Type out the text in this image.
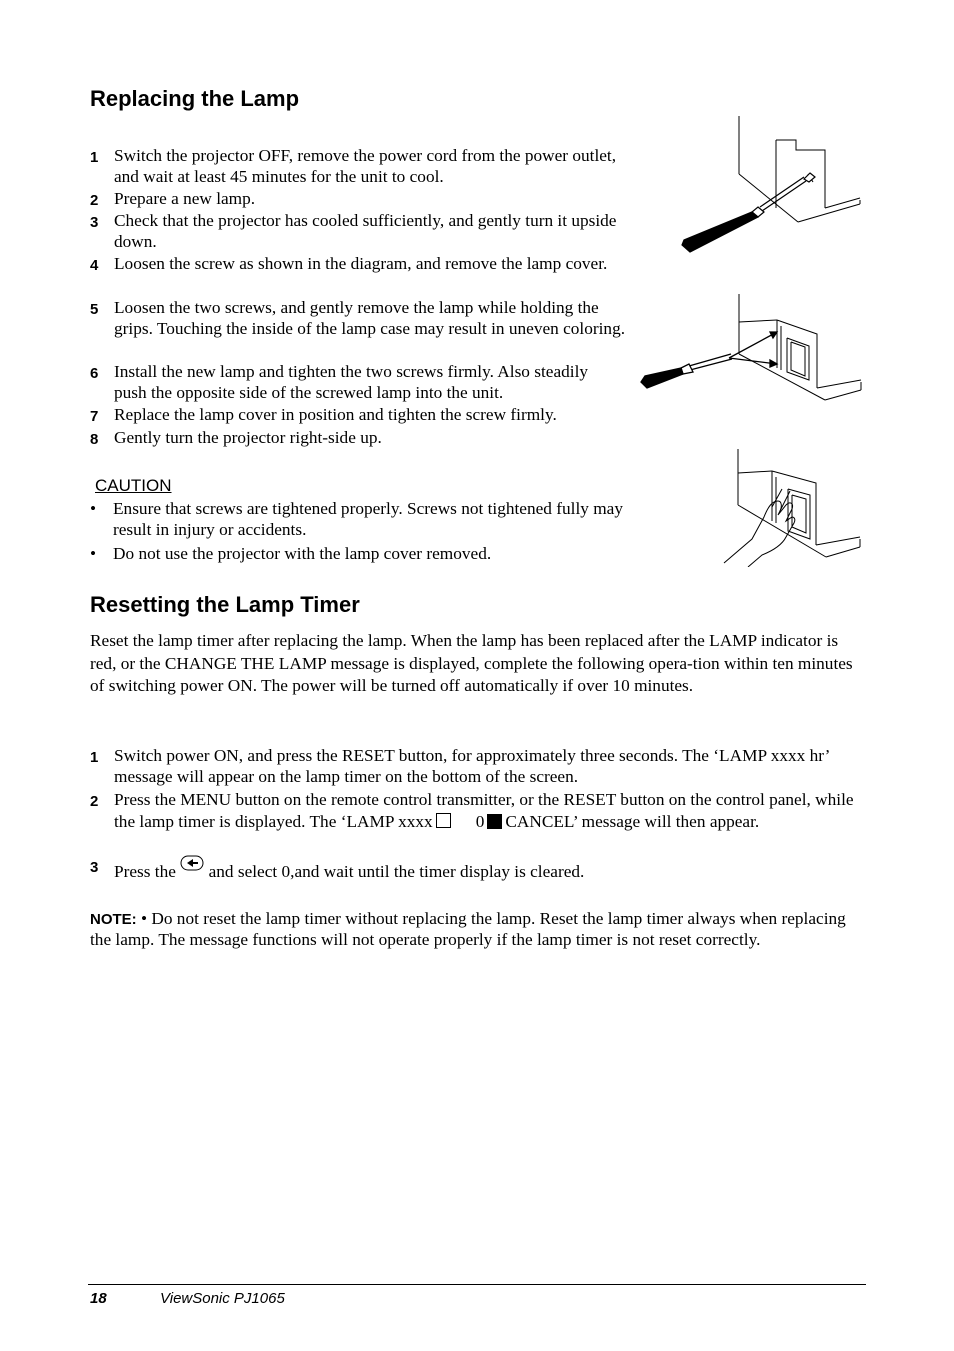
Replacing the Lamp
1 Switch the projector OFF, remove the power cord from the power outlet, and wait at least 45 minutes for the unit to cool.
2 Prepare a new lamp.
3 Check that the projector has cooled sufficiently, and gently turn it upside down.
4 Loosen the screw as shown in the diagram, and remove the lamp cover.
5 Loosen the two screws, and gently remove the lamp while holding the grips. Touching the inside of the lamp case may result in uneven coloring.
6 Install the new lamp and tighten the two screws firmly. Also steadily push the opposite side of the screwed lamp into the unit.
7 Replace the lamp cover in position and tighten the screw firmly.
8 Gently turn the projector right-side up.
CAUTION
• Ensure that screws are tightened properly. Screws not tightened fully may result in injury or accidents.
• Do not use the projector with the lamp cover removed.
Resetting the Lamp Timer
Reset the lamp timer after replacing the lamp. When the lamp has been replaced after the LAMP indicator is red, or the CHANGE THE LAMP message is displayed, complete the following opera-tion within ten minutes of switching power ON. The power will be turned off automatically if over 10 minutes.
1 Switch power ON, and press the RESET button, for approximately three seconds. The ‘LAMP xxxx hr’ message will appear on the lamp timer on the bottom of the screen.
2 Press the MENU button on the remote control transmitter, or the RESET button on the control panel, while the lamp timer is displayed. The ‘LAMP xxxx 0 CANCEL’ message will then appear.
3 Press the and select 0,and wait until the timer display is cleared.
NOTE: • Do not reset the lamp timer without replacing the lamp. Reset the lamp timer always when replacing the lamp. The message functions will not operate properly if the lamp timer is not reset correctly.
18	ViewSonic PJ1065
